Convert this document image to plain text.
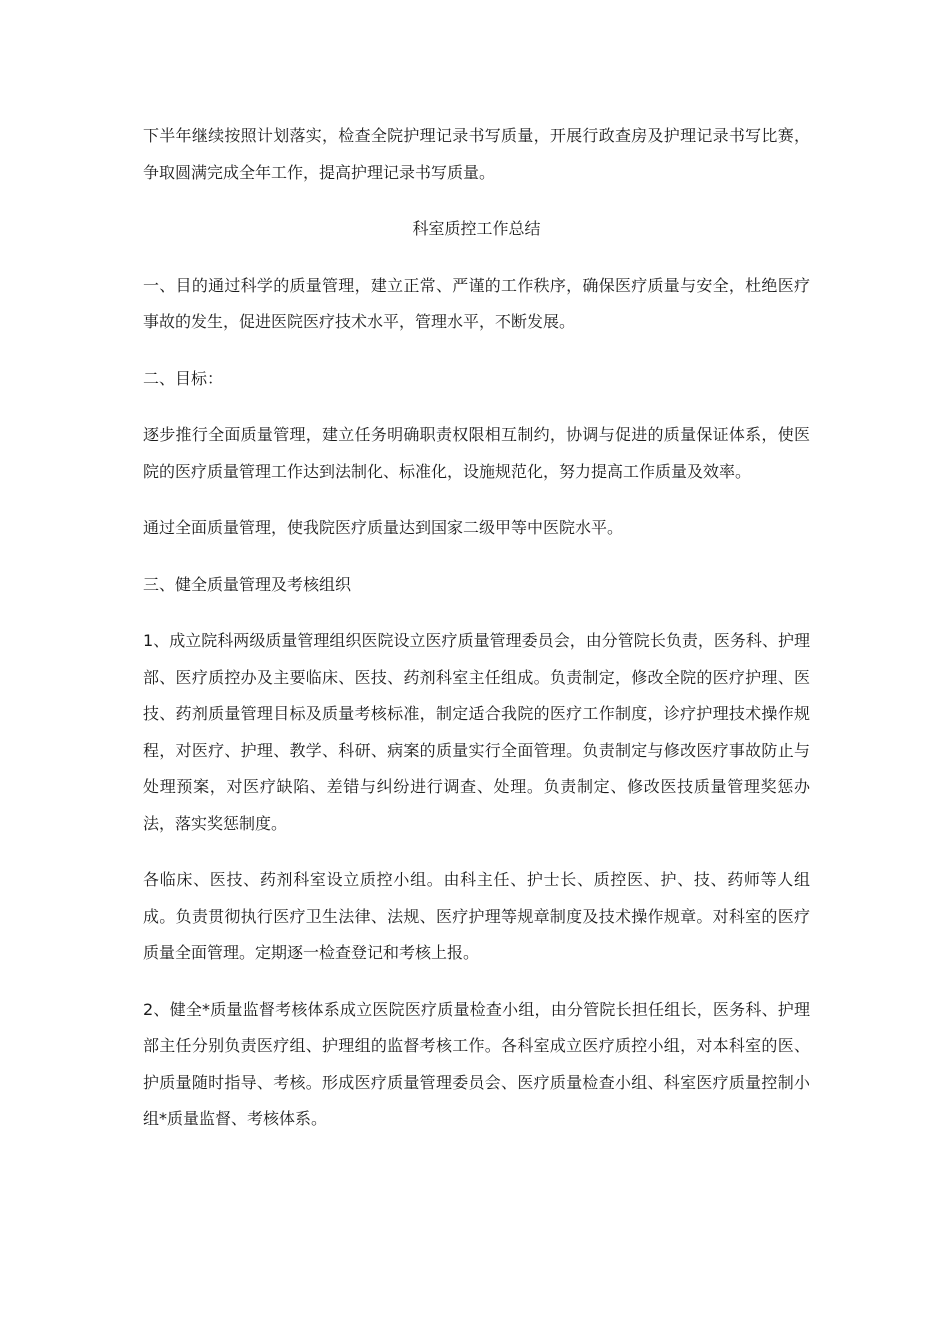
下半年继续按照计划落实，检查全院护理记录书写质量，开展行政查房及护理记录书写比赛，争取圆满完成全年工作，提高护理记录书写质量。

科室质控工作总结

一、目的通过科学的质量管理，建立正常、严谨的工作秩序，确保医疗质量与安全，杜绝医疗事故的发生，促进医院医疗技术水平，管理水平，不断发展。

二、目标：

逐步推行全面质量管理，建立任务明确职责权限相互制约，协调与促进的质量保证体系，使医院的医疗质量管理工作达到法制化、标准化，设施规范化，努力提高工作质量及效率。

通过全面质量管理，使我院医疗质量达到国家二级甲等中医院水平。

三、健全质量管理及考核组织

1、成立院科两级质量管理组织医院设立医疗质量管理委员会，由分管院长负责，医务科、护理部、医疗质控办及主要临床、医技、药剂科室主任组成。负责制定，修改全院的医疗护理、医技、药剂质量管理目标及质量考核标准，制定适合我院的医疗工作制度，诊疗护理技术操作规程，对医疗、护理、教学、科研、病案的质量实行全面管理。负责制定与修改医疗事故防止与处理预案，对医疗缺陷、差错与纠纷进行调查、处理。负责制定、修改医技质量管理奖惩办法，落实奖惩制度。

各临床、医技、药剂科室设立质控小组。由科主任、护士长、质控医、护、技、药师等人组成。负责贯彻执行医疗卫生法律、法规、医疗护理等规章制度及技术操作规章。对科室的医疗质量全面管理。定期逐一检查登记和考核上报。

2、健全*质量监督考核体系成立医院医疗质量检查小组，由分管院长担任组长，医务科、护理部主任分别负责医疗组、护理组的监督考核工作。各科室成立医疗质控小组，对本科室的医、护质量随时指导、考核。形成医疗质量管理委员会、医疗质量检查小组、科室医疗质量控制小组*质量监督、考核体系。
